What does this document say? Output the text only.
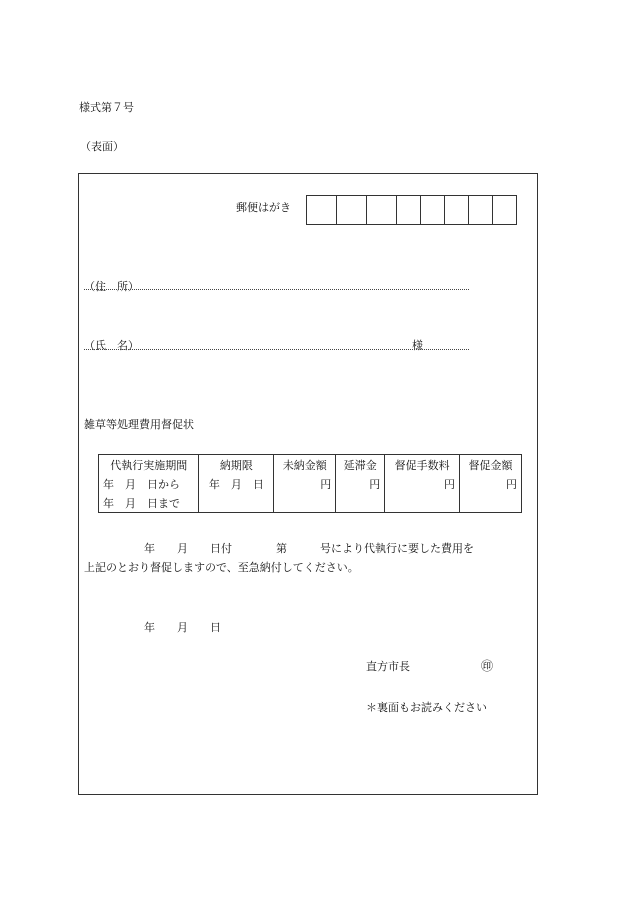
様式第７号
（表面）
郵便はがき
（住　所）
（氏　名）	様
雑草等処理費用督促状
代執行実施期間	納期限	未納金額	延滞金	督促手数料	督促金額
年　月　日から	年　月　日	円	円	円	円
年　月　日まで					
年　　月　　日付　　　　第　　　号により代執行に要した費用を
上記のとおり督促しますので、至急納付してください。
年　　月　　日
直方市長	㊞
＊裏面もお読みください
